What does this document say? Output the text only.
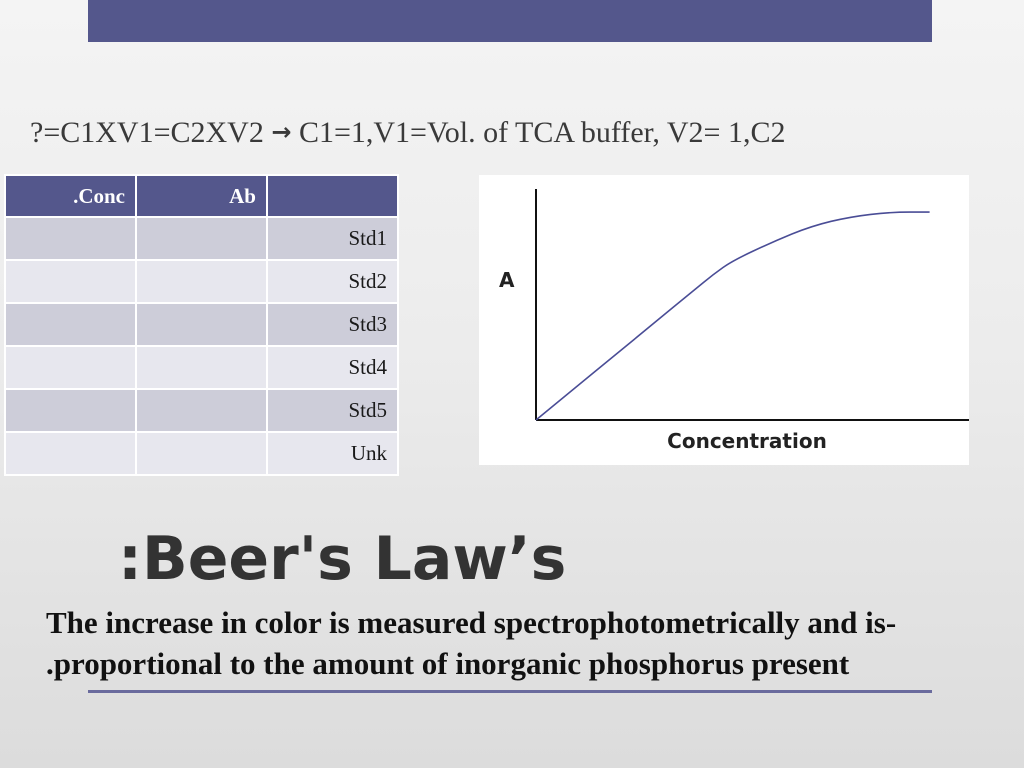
?=C1XV1=C2XV2 → C1=1,V1=Vol. of TCA buffer, V2= 1,C2
.Conc	Ab	
		Std1
		Std2
		Std3
		Std4
		Std5
		Unk
A
Concentration
:Beer's Law’s
The increase in color is measured spectrophotometrically and is-
.proportional to the amount of inorganic phosphorus present
